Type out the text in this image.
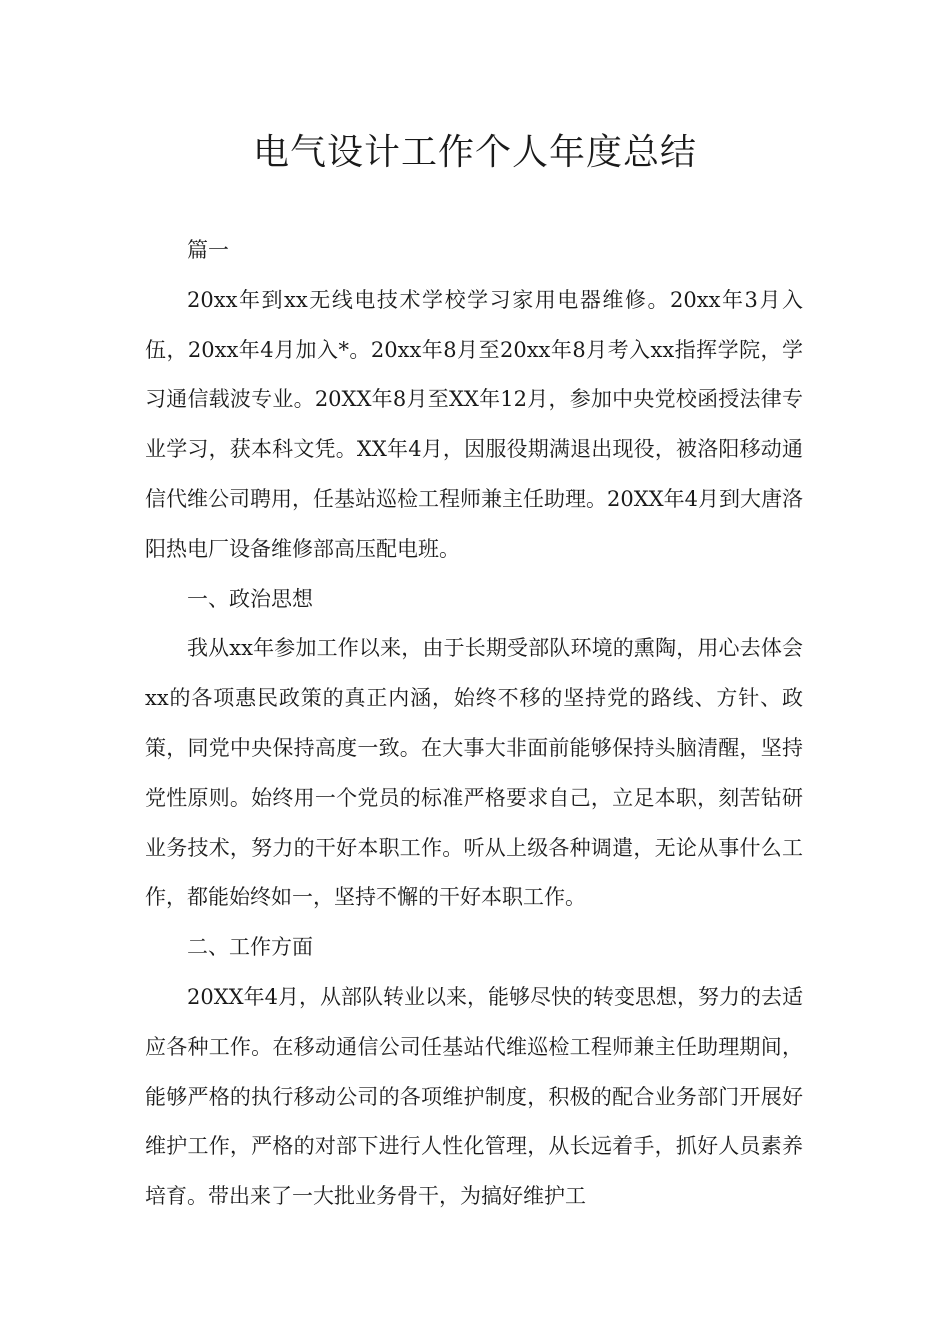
电气设计工作个人年度总结

篇一

20xx年到xx无线电技术学校学习家用电器维修。20xx年3月入伍，20xx年4月加入*。20xx年8月至20xx年8月考入xx指挥学院，学习通信载波专业。20XX年8月至XX年12月，参加中央党校函授法律专业学习，获本科文凭。XX年4月，因服役期满退出现役，被洛阳移动通信代维公司聘用，任基站巡检工程师兼主任助理。20XX年4月到大唐洛阳热电厂设备维修部高压配电班。

一、政治思想

我从xx年参加工作以来，由于长期受部队环境的熏陶，用心去体会xx的各项惠民政策的真正内涵，始终不移的坚持党的路线、方针、政策，同党中央保持高度一致。在大事大非面前能够保持头脑清醒，坚持党性原则。始终用一个党员的标准严格要求自己，立足本职，刻苦钻研业务技术，努力的干好本职工作。听从上级各种调遣，无论从事什么工作，都能始终如一，坚持不懈的干好本职工作。

二、工作方面

20XX年4月，从部队转业以来，能够尽快的转变思想，努力的去适应各种工作。在移动通信公司任基站代维巡检工程师兼主任助理期间，能够严格的执行移动公司的各项维护制度，积极的配合业务部门开展好维护工作，严格的对部下进行人性化管理，从长远着手，抓好人员素养培育。带出来了一大批业务骨干，为搞好维护工
